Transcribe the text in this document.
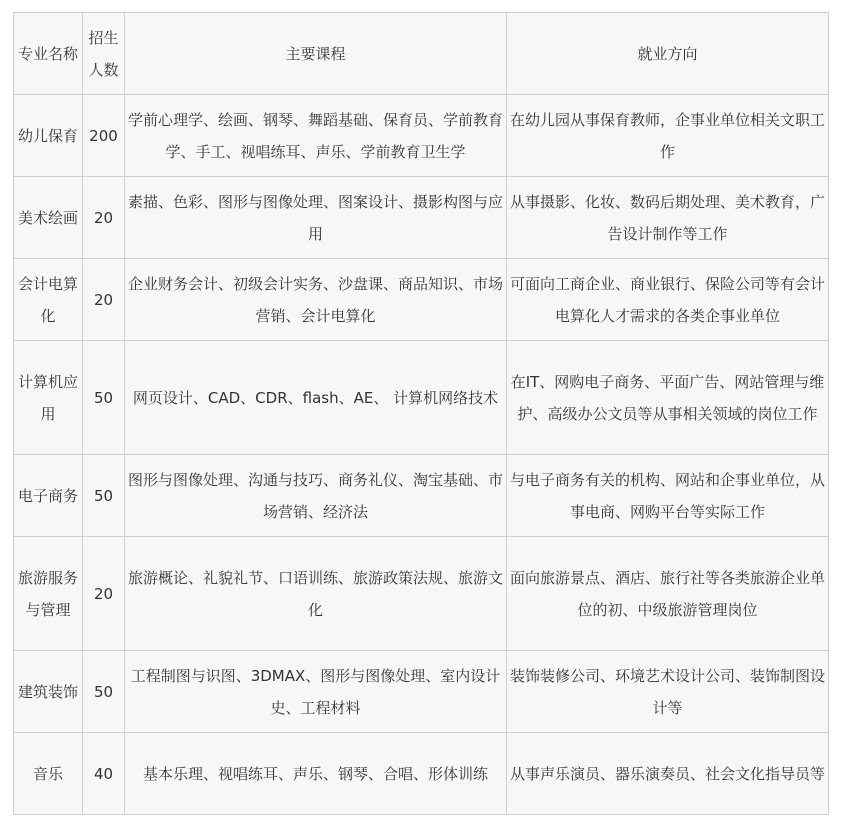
专业名称	招生人数	主要课程	就业方向
幼儿保育	200	学前心理学、绘画、钢琴、舞蹈基础、保育员、学前教育学、手工、视唱练耳、声乐、学前教育卫生学	在幼儿园从事保育教师，企事业单位相关文职工作
美术绘画	20	素描、色彩、图形与图像处理、图案设计、摄影构图与应用	从事摄影、化妆、数码后期处理、美术教育，广告设计制作等工作
会计电算化	20	企业财务会计、初级会计实务、沙盘课、商品知识、市场营销、会计电算化	可面向工商企业、商业银行、保险公司等有会计电算化人才需求的各类企事业单位
计算机应用	50	网页设计、CAD、CDR、flash、AE、 计算机网络技术	在IT、网购电子商务、平面广告、网站管理与维护、高级办公文员等从事相关领域的岗位工作
电子商务	50	图形与图像处理、沟通与技巧、商务礼仪、淘宝基础、市场营销、经济法	与电子商务有关的机构、网站和企事业单位，从事电商、网购平台等实际工作
旅游服务与管理	20	旅游概论、礼貌礼节、口语训练、旅游政策法规、旅游文化	面向旅游景点、酒店、旅行社等各类旅游企业单位的初、中级旅游管理岗位
建筑装饰	50	工程制图与识图、3DMAX、图形与图像处理、室内设计史、工程材料	装饰装修公司、环境艺术设计公司、装饰制图设计等
音乐	40	基本乐理、视唱练耳、声乐、钢琴、合唱、形体训练	从事声乐演员、器乐演奏员、社会文化指导员等
